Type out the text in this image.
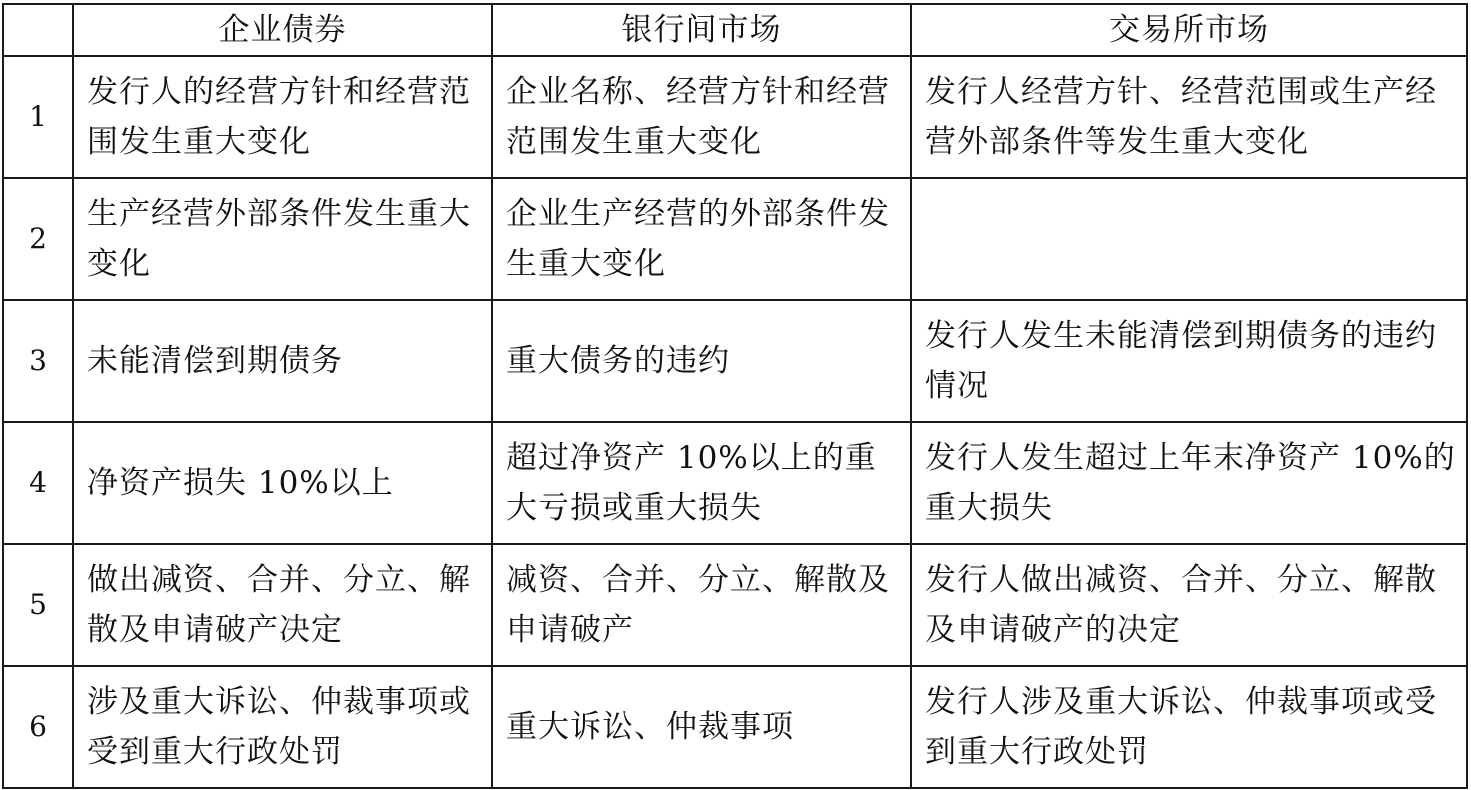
	企业债券	银行间市场	交易所市场
1	发行人的经营方针和经营范围发生重大变化	企业名称、经营方针和经营范围发生重大变化	发行人经营方针、经营范围或生产经营外部条件等发生重大变化
2	生产经营外部条件发生重大变化	企业生产经营的外部条件发生重大变化	
3	未能清偿到期债务	重大债务的违约	发行人发生未能清偿到期债务的违约情况
4	净资产损失 10%以上	超过净资产 10%以上的重大亏损或重大损失	发行人发生超过上年末净资产 10%的重大损失
5	做出减资、合并、分立、解散及申请破产决定	减资、合并、分立、解散及申请破产	发行人做出减资、合并、分立、解散及申请破产的决定
6	涉及重大诉讼、仲裁事项或受到重大行政处罚	重大诉讼、仲裁事项	发行人涉及重大诉讼、仲裁事项或受到重大行政处罚
